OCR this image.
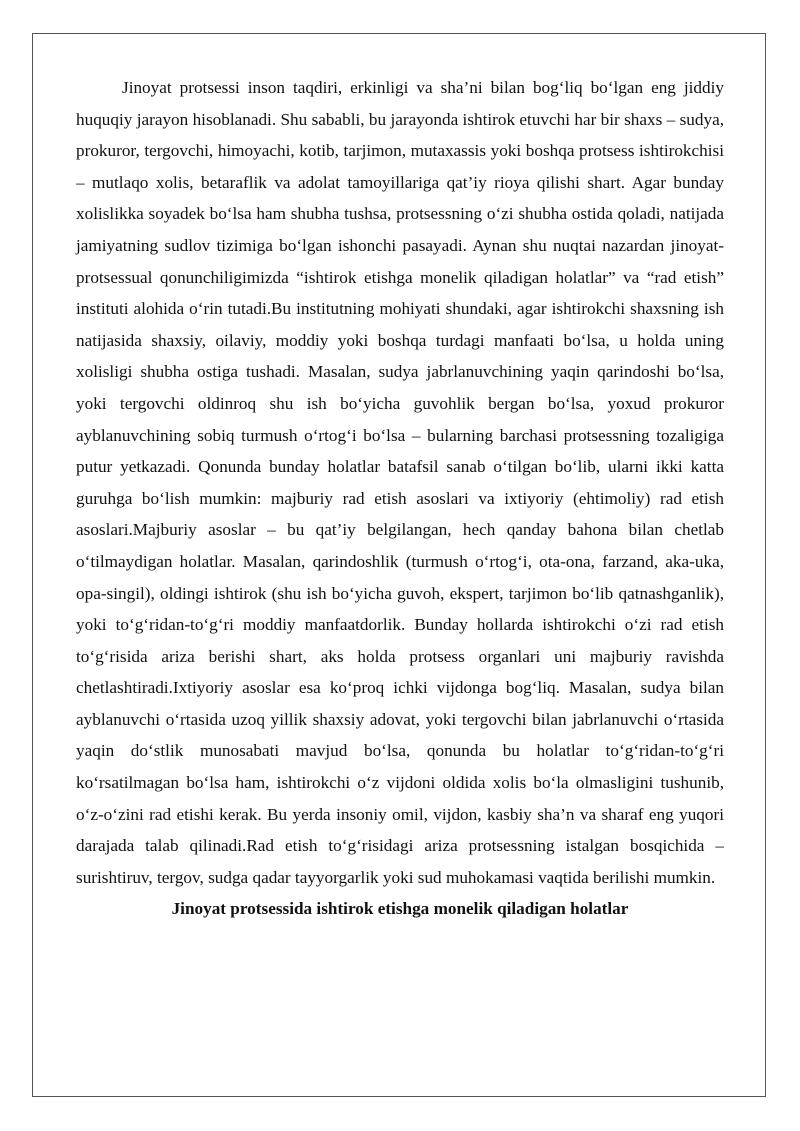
Jinoyat protsessi inson taqdiri, erkinligi va sha’ni bilan bog‘liq bo‘lgan eng jiddiy huquqiy jarayon hisoblanadi. Shu sababli, bu jarayonda ishtirok etuvchi har bir shaxs – sudya, prokuror, tergovchi, himoyachi, kotib, tarjimon, mutaxassis yoki boshqa protsess ishtirokchisi – mutlaqo xolis, betaraflik va adolat tamoyillariga qat’iy rioya qilishi shart. Agar bunday xolislikka soyadek bo‘lsa ham shubha tushsa, protsessning o‘zi shubha ostida qoladi, natijada jamiyatning sudlov tizimiga bo‘lgan ishonchi pasayadi. Aynan shu nuqtai nazardan jinoyat-protsessual qonunchiligimizda “ishtirok etishga monelik qiladigan holatlar” va “rad etish” instituti alohida o‘rin tutadi.Bu institutning mohiyati shundaki, agar ishtirokchi shaxsning ish natijasida shaxsiy, oilaviy, moddiy yoki boshqa turdagi manfaati bo‘lsa, u holda uning xolisligi shubha ostiga tushadi. Masalan, sudya jabrlanuvchining yaqin qarindoshi bo‘lsa, yoki tergovchi oldinroq shu ish bo‘yicha guvohlik bergan bo‘lsa, yoxud prokuror ayblanuvchining sobiq turmush o‘rtog‘i bo‘lsa – bularning barchasi protsessning tozaligiga putur yetkazadi. Qonunda bunday holatlar batafsil sanab o‘tilgan bo‘lib, ularni ikki katta guruhga bo‘lish mumkin: majburiy rad etish asoslari va ixtiyoriy (ehtimoliy) rad etish asoslari.Majburiy asoslar – bu qat’iy belgilangan, hech qanday bahona bilan chetlab o‘tilmaydigan holatlar. Masalan, qarindoshlik (turmush o‘rtog‘i, ota-ona, farzand, aka-uka, opa-singil), oldingi ishtirok (shu ish bo‘yicha guvoh, ekspert, tarjimon bo‘lib qatnashganlik), yoki to‘g‘ridan-to‘g‘ri moddiy manfaatdorlik. Bunday hollarda ishtirokchi o‘zi rad etish to‘g‘risida ariza berishi shart, aks holda protsess organlari uni majburiy ravishda chetlashtiradi.Ixtiyoriy asoslar esa ko‘proq ichki vijdonga bog‘liq. Masalan, sudya bilan ayblanuvchi o‘rtasida uzoq yillik shaxsiy adovat, yoki tergovchi bilan jabrlanuvchi o‘rtasida yaqin do‘stlik munosabati mavjud bo‘lsa, qonunda bu holatlar to‘g‘ridan-to‘g‘ri ko‘rsatilmagan bo‘lsa ham, ishtirokchi o‘z vijdoni oldida xolis bo‘la olmasligini tushunib, o‘z-o‘zini rad etishi kerak. Bu yerda insoniy omil, vijdon, kasbiy sha’n va sharaf eng yuqori darajada talab qilinadi.Rad etish to‘g‘risidagi ariza protsessning istalgan bosqichida – surishtiruv, tergov, sudga qadar tayyorgarlik yoki sud muhokamasi vaqtida berilishi mumkin.

Jinoyat protsessida ishtirok etishga monelik qiladigan holatlar
